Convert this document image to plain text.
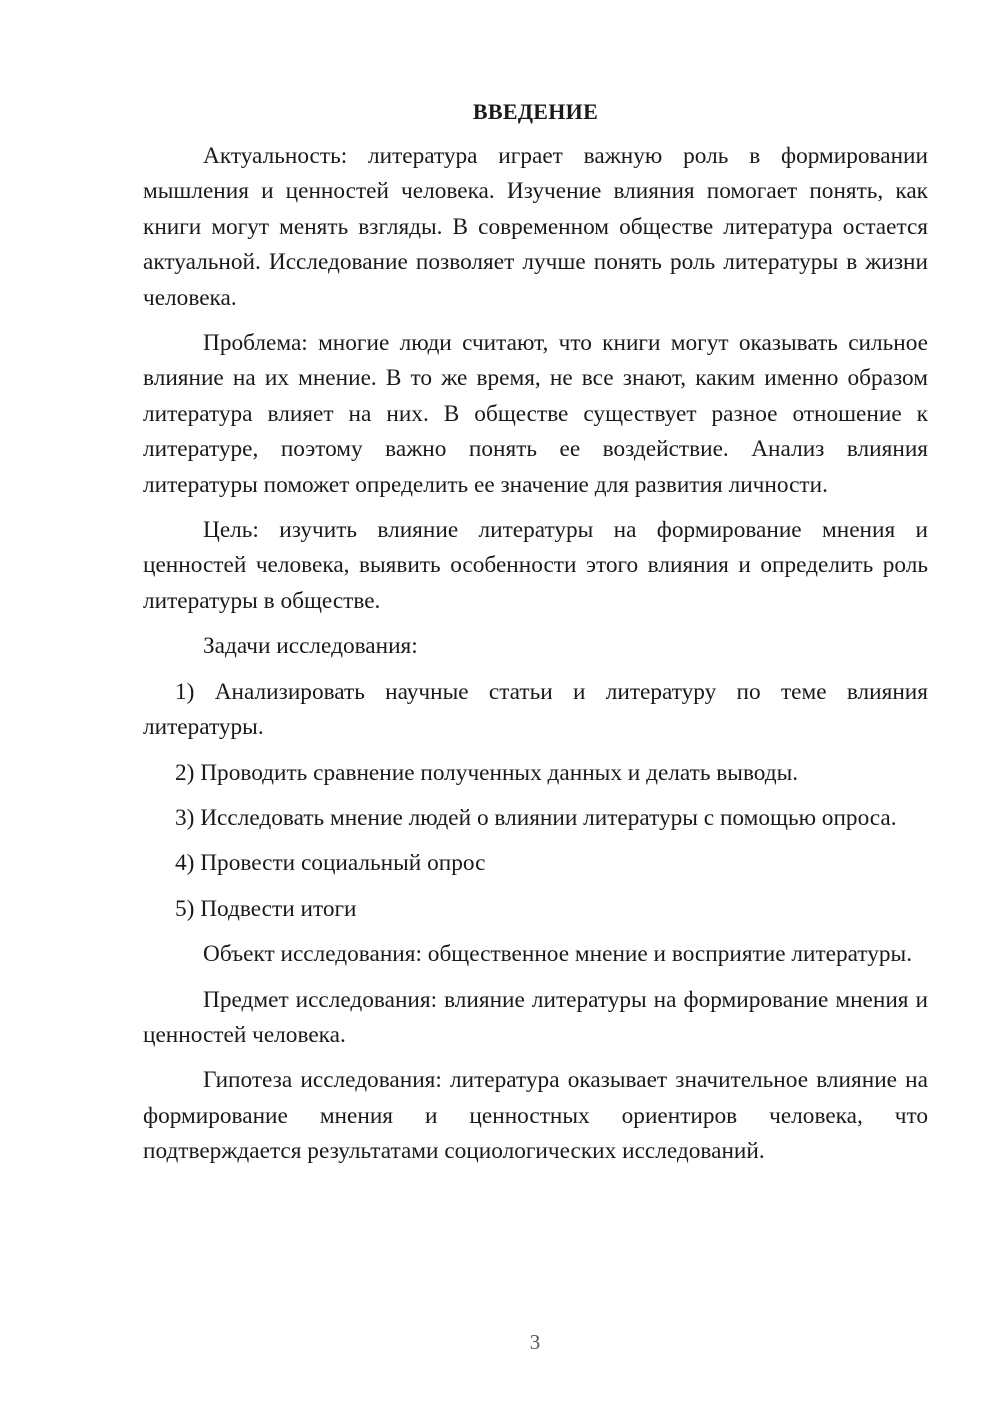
ВВЕДЕНИЕ

Актуальность: литература играет важную роль в формировании мышления и ценностей человека. Изучение влияния помогает понять, как книги могут менять взгляды. В современном обществе литература остается актуальной. Исследование позволяет лучше понять роль литературы в жизни человека.

Проблема: многие люди считают, что книги могут оказывать сильное влияние на их мнение. В то же время, не все знают, каким именно образом литература влияет на них. В обществе существует разное отношение к литературе, поэтому важно понять ее воздействие. Анализ влияния литературы поможет определить ее значение для развития личности.

Цель: изучить влияние литературы на формирование мнения и ценностей человека, выявить особенности этого влияния и определить роль литературы в обществе.

Задачи исследования:

1) Анализировать научные статьи и литературу по теме влияния литературы.

2) Проводить сравнение полученных данных и делать выводы.

3) Исследовать мнение людей о влиянии литературы с помощью опроса.

4) Провести социальный опрос

5) Подвести итоги

Объект исследования: общественное мнение и восприятие литературы.

Предмет исследования: влияние литературы на формирование мнения и ценностей человека.

Гипотеза исследования: литература оказывает значительное влияние на формирование мнения и ценностных ориентиров человека, что подтверждается результатами социологических исследований.

3
